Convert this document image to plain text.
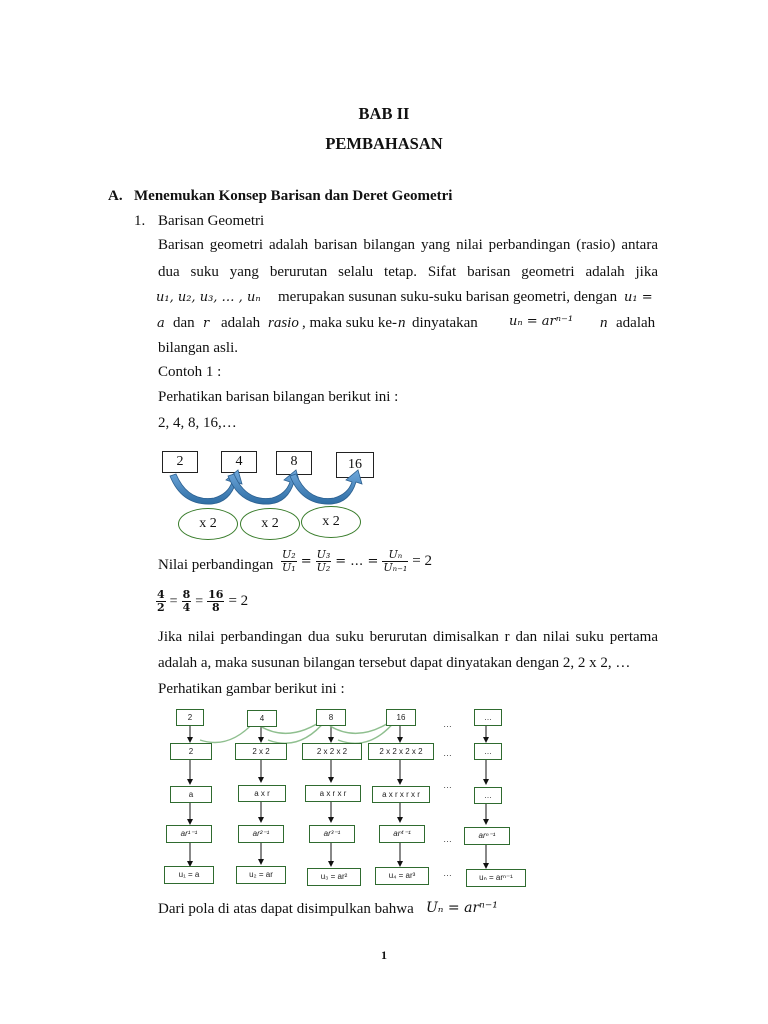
BAB II
PEMBAHASAN
A. Menemukan Konsep Barisan dan Deret Geometri
1. Barisan Geometri
Barisan geometri adalah barisan bilangan yang nilai perbandingan (rasio) antara
dua suku yang berurutan selalu tetap. Sifat barisan geometri adalah jika
u₁, u₂, u₃, … , uₙ merupakan susunan suku-suku barisan geometri, dengan u₁ =
a dan r adalah rasio , maka suku ke- n dinyatakan uₙ = arⁿ⁻¹ n adalah
bilangan asli.
Contoh 1 :
Perhatikan barisan bilangan berikut ini :
2, 4, 8, 16,…
2	4	8	16
x 2	x 2	x 2
Nilai perbandingan $\frac{\text{U₂}}{\text{U₁}} = \frac{\text{U₃}}{\text{U₂}}$ = … = $\frac{\text{Uₙ}}{\text{Uₙ₋₁}} = 2$
$\frac{4}{2} = \frac{8}{4} = \frac{16}{8} = 2$
Jika nilai perbandingan dua suku berurutan dimisalkan r dan nilai suku pertama
adalah a, maka susunan bilangan tersebut dapat dinyatakan dengan 2, 2 x 2, …
Perhatikan gambar berikut ini :
2	4	8	16	…
2	2 x 2	2 x 2 x 2	2 x 2 x 2 x 2	…
a	a x r	a x r x r	a x r x r x r	…
ar¹⁻¹	ar²⁻¹	ar³⁻¹	ar⁴⁻¹	arⁿ⁻¹
u₁ = a	u₂ = ar	u₃ = ar²	u₄ = ar³	uₙ = arⁿ⁻¹
…
…
…
…
…
Dari pola di atas dapat disimpulkan bahwa Uₙ = arⁿ⁻¹
1
